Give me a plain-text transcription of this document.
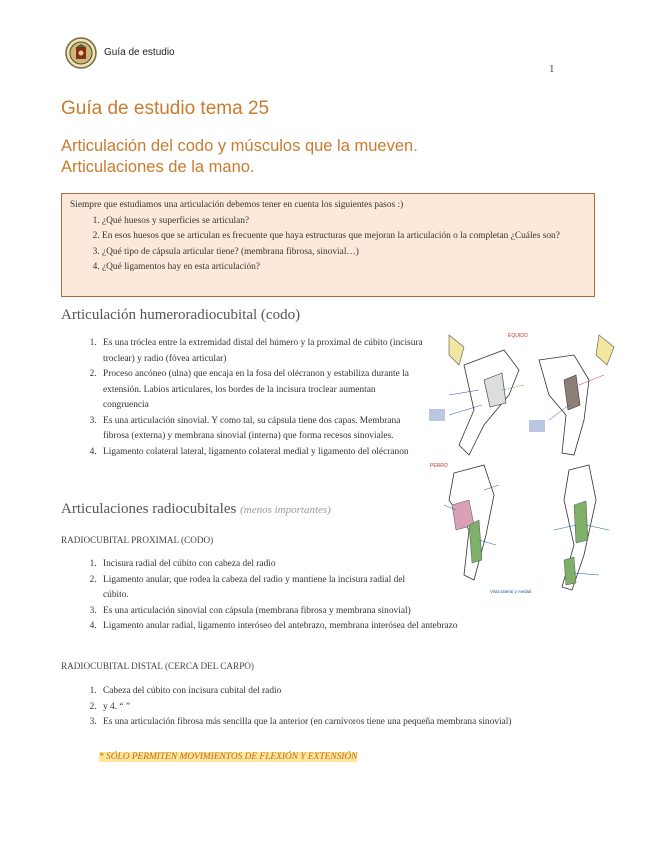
Guía de estudio
1
Guía de estudio tema 25
Articulación del codo y músculos que la mueven.
Articulaciones de la mano.
Siempre que estudiamos una articulación debemos tener en cuenta los siguientes pasos :)
1. ¿Qué huesos y superficies se articulan?
2. En esos huesos que se articulan es frecuente que haya estructuras que mejoran la articulación o la completan ¿Cuáles son?
3. ¿Qué tipo de cápsula articular tiene? (membrana fibrosa, sinovial…)
4. ¿Qué ligamentos hay en esta articulación?
Articulación humeroradiocubital (codo)
1. Es una tróclea entre la extremidad distal del húmero y la proximal de cúbito (incisura troclear) y radio (fóvea articular)
2. Proceso ancóneo (ulna) que encaja en la fosa del olécranon y estabiliza durante la extensión. Labios articulares, los bordes de la incisura troclear aumentan congruencia
3. Es una articulación sinovial. Y como tal, su cápsula tiene dos capas. Membrana fibrosa (externa) y membrana sinovial (interna) que forma recesos sinoviales.
4. Ligamento colateral lateral, ligamento colateral medial y ligamento del olécranon
Articulaciones radiocubitales (menos importantes)
RADIOCUBITAL PROXIMAL (CODO)
1. Incisura radial del cúbito con cabeza del radio
2. Ligamento anular, que rodea la cabeza del radio y mantiene la incisura radial del cúbito.
3. Es una articulación sinovial con cápsula (membrana fibrosa y membrana sinovial)
4. Ligamento anular radial, ligamento interóseo del antebrazo, membrana interósea del antebrazo
RADIOCUBITAL DISTAL (CERCA DEL CARPO)
1. Cabeza del cúbito con incisura cubital del radio
2. y 4. “ ”
3. Es una articulación fibrosa más sencilla que la anterior (en carnívoros tiene una pequeña membrana sinovial)
* SÓLO PERMITEN MOVIMIENTOS DE FLEXIÓN Y EXTENSIÓN
ÉQUIDO
PERRO
Vista lateral y medial
